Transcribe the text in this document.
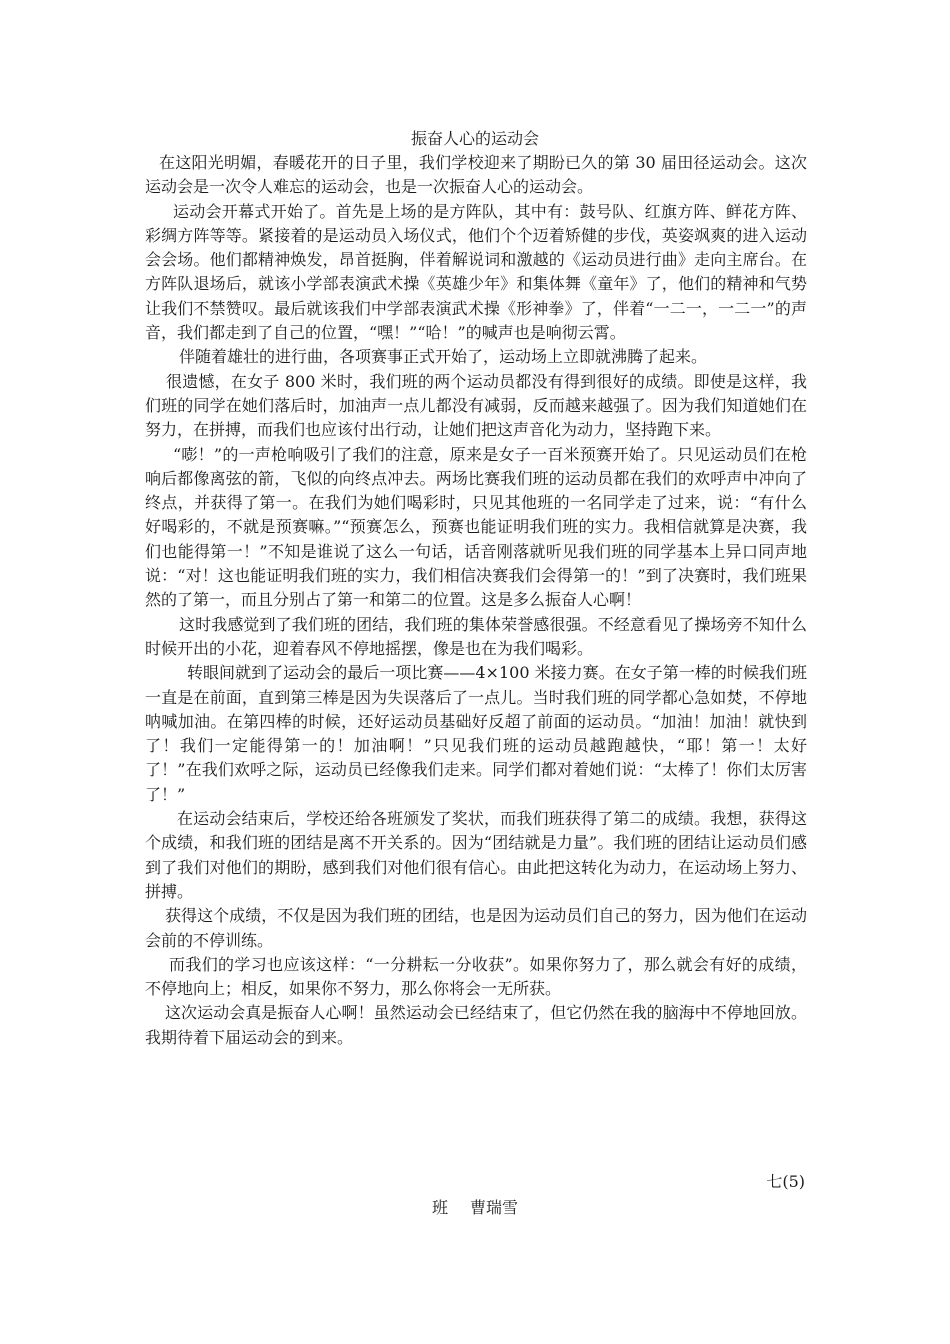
振奋人心的运动会

在这阳光明媚，春暖花开的日子里，我们学校迎来了期盼已久的第 30 届田径运动会。这次运动会是一次令人难忘的运动会，也是一次振奋人心的运动会。

运动会开幕式开始了。首先是上场的是方阵队，其中有：鼓号队、红旗方阵、鲜花方阵、彩绸方阵等等。紧接着的是运动员入场仪式，他们个个迈着矫健的步伐，英姿飒爽的进入运动会会场。他们都精神焕发，昂首挺胸，伴着解说词和激越的《运动员进行曲》走向主席台。在方阵队退场后，就该小学部表演武术操《英雄少年》和集体舞《童年》了，他们的精神和气势让我们不禁赞叹。最后就该我们中学部表演武术操《形神拳》了，伴着“一二一，一二一”的声音，我们都走到了自己的位置，“嘿！”“哈！”的喊声也是响彻云霄。

伴随着雄壮的进行曲，各项赛事正式开始了，运动场上立即就沸腾了起来。

很遗憾，在女子 800 米时，我们班的两个运动员都没有得到很好的成绩。即使是这样，我们班的同学在她们落后时，加油声一点儿都没有减弱，反而越来越强了。因为我们知道她们在努力，在拼搏，而我们也应该付出行动，让她们把这声音化为动力，坚持跑下来。

“嘭！”的一声枪响吸引了我们的注意，原来是女子一百米预赛开始了。只见运动员们在枪响后都像离弦的箭，飞似的向终点冲去。两场比赛我们班的运动员都在我们的欢呼声中冲向了终点，并获得了第一。在我们为她们喝彩时，只见其他班的一名同学走了过来，说：“有什么好喝彩的，不就是预赛嘛。”“预赛怎么，预赛也能证明我们班的实力。我相信就算是决赛，我们也能得第一！”不知是谁说了这么一句话，话音刚落就听见我们班的同学基本上异口同声地说：“对！这也能证明我们班的实力，我们相信决赛我们会得第一的！”到了决赛时，我们班果然的了第一，而且分别占了第一和第二的位置。这是多么振奋人心啊！

这时我感觉到了我们班的团结，我们班的集体荣誉感很强。不经意看见了操场旁不知什么时候开出的小花，迎着春风不停地摇摆，像是也在为我们喝彩。

转眼间就到了运动会的最后一项比赛——4×100 米接力赛。在女子第一棒的时候我们班一直是在前面，直到第三棒是因为失误落后了一点儿。当时我们班的同学都心急如焚，不停地呐喊加油。在第四棒的时候，还好运动员基础好反超了前面的运动员。“加油！加油！就快到了！我们一定能得第一的！加油啊！”只见我们班的运动员越跑越快，“耶！第一！太好了！”在我们欢呼之际，运动员已经像我们走来。同学们都对着她们说：“太棒了！你们太厉害了！”

在运动会结束后，学校还给各班颁发了奖状，而我们班获得了第二的成绩。我想，获得这个成绩，和我们班的团结是离不开关系的。因为“团结就是力量”。我们班的团结让运动员们感到了我们对他们的期盼，感到我们对他们很有信心。由此把这转化为动力，在运动场上努力、拼搏。

获得这个成绩，不仅是因为我们班的团结，也是因为运动员们自己的努力，因为他们在运动会前的不停训练。

而我们的学习也应该这样：“一分耕耘一分收获”。如果你努力了，那么就会有好的成绩，不停地向上；相反，如果你不努力，那么你将会一无所获。

这次运动会真是振奋人心啊！虽然运动会已经结束了，但它仍然在我的脑海中不停地回放。我期待着下届运动会的到来。

七(5)
班 曹瑞雪
